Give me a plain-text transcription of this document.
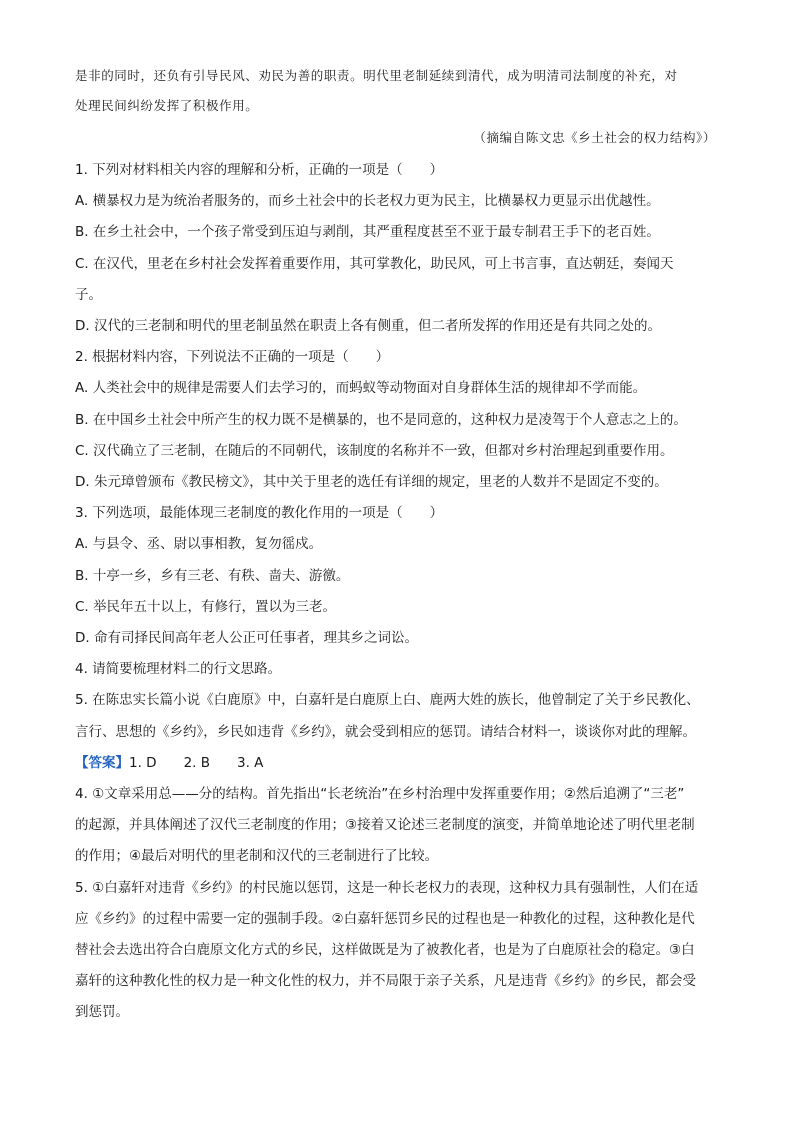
是非的同时，还负有引导民风、劝民为善的职责。明代里老制延续到清代，成为明清司法制度的补充，对
处理民间纠纷发挥了积极作用。
（摘编自陈文忠《乡土社会的权力结构》）
1. 下列对材料相关内容的理解和分析，正确的一项是（　　）
A. 横暴权力是为统治者服务的，而乡土社会中的长老权力更为民主，比横暴权力更显示出优越性。
B. 在乡土社会中，一个孩子常受到压迫与剥削，其严重程度甚至不亚于最专制君王手下的老百姓。
C. 在汉代，里老在乡村社会发挥着重要作用，其可掌教化，助民风，可上书言事，直达朝廷，奏闻天
子。
D. 汉代的三老制和明代的里老制虽然在职责上各有侧重，但二者所发挥的作用还是有共同之处的。
2. 根据材料内容，下列说法不正确的一项是（　　）
A. 人类社会中的规律是需要人们去学习的，而蚂蚁等动物面对自身群体生活的规律却不学而能。
B. 在中国乡土社会中所产生的权力既不是横暴的，也不是同意的，这种权力是凌驾于个人意志之上的。
C. 汉代确立了三老制，在随后的不同朝代，该制度的名称并不一致，但都对乡村治理起到重要作用。
D. 朱元璋曾颁布《教民榜文》，其中关于里老的选任有详细的规定，里老的人数并不是固定不变的。
3. 下列选项，最能体现三老制度的教化作用的一项是（　　）
A. 与县令、丞、尉以事相教，复勿徭戍。
B. 十亭一乡，乡有三老、有秩、啬夫、游徼。
C. 举民年五十以上，有修行，置以为三老。
D. 命有司择民间高年老人公正可任事者，理其乡之词讼。
4. 请简要梳理材料二的行文思路。
5. 在陈忠实长篇小说《白鹿原》中，白嘉轩是白鹿原上白、鹿两大姓的族长，他曾制定了关于乡民教化、
言行、思想的《乡约》，乡民如违背《乡约》，就会受到相应的惩罚。请结合材料一，谈谈你对此的理解。
【答案】1. D　　2. B　　3. A
4. ①文章采用总——分的结构。首先指出“长老统治”在乡村治理中发挥重要作用；②然后追溯了“三老”
的起源，并具体阐述了汉代三老制度的作用；③接着又论述三老制度的演变，并简单地论述了明代里老制
的作用；④最后对明代的里老制和汉代的三老制进行了比较。
5. ①白嘉轩对违背《乡约》的村民施以惩罚，这是一种长老权力的表现，这种权力具有强制性，人们在适
应《乡约》的过程中需要一定的强制手段。②白嘉轩惩罚乡民的过程也是一种教化的过程，这种教化是代
替社会去选出符合白鹿原文化方式的乡民，这样做既是为了被教化者，也是为了白鹿原社会的稳定。③白
嘉轩的这种教化性的权力是一种文化性的权力，并不局限于亲子关系，凡是违背《乡约》的乡民，都会受
到惩罚。
